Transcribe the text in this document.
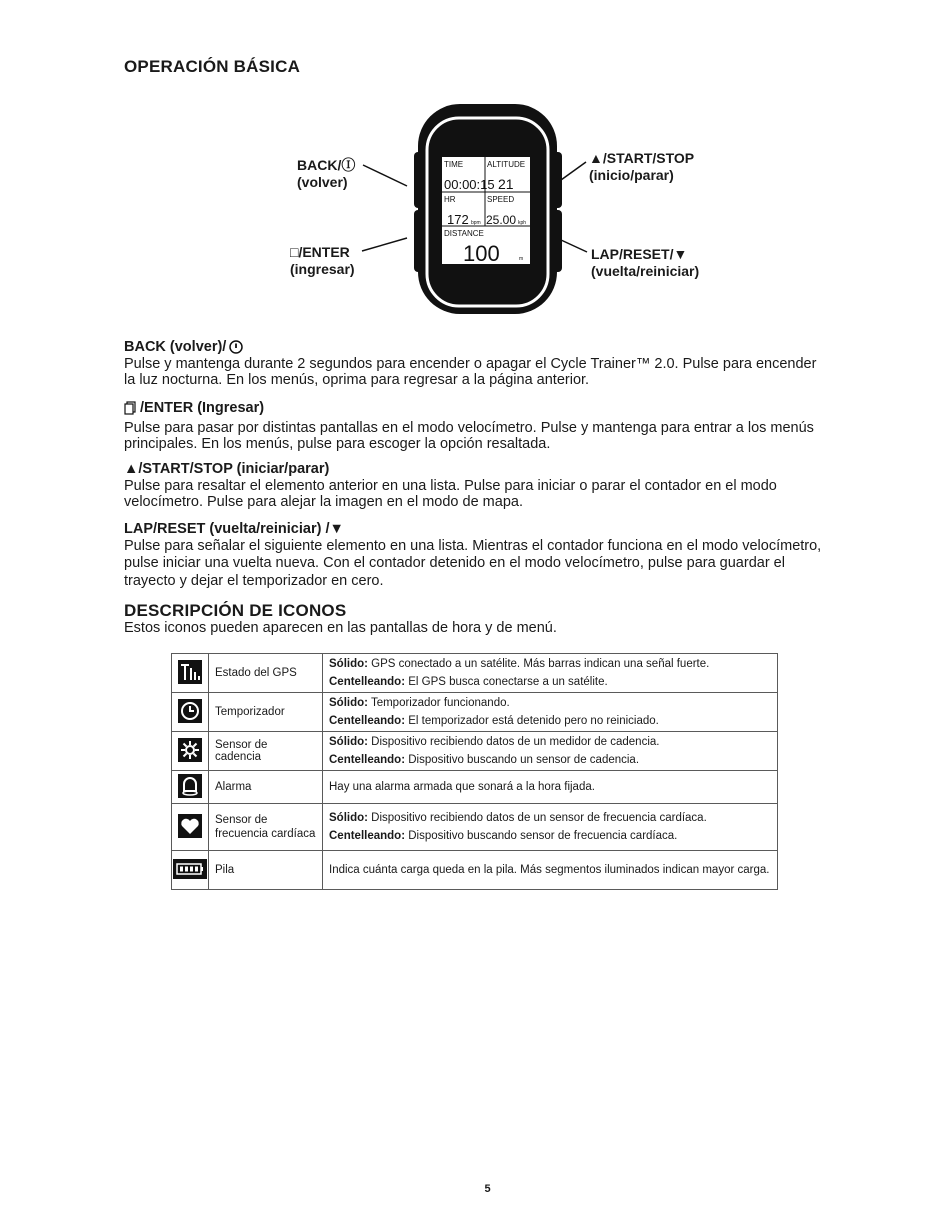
OPERACIÓN BÁSICA
TIME	ALTITUDE
00:00:15 21
HR	SPEED
172 bpm 25.00 kph
DISTANCE
100	m
BACK/Ⓘ
(volver)
□/ENTER
(ingresar)
▲/START/STOP
(inicio/parar)
LAP/RESET/▼
(vuelta/reiniciar)
BACK (volver)/

Pulse y mantenga durante 2 segundos para encender o apagar el Cycle Trainer™ 2.0. Pulse para encender la luz nocturna. En los menús, oprima para regresar a la página anterior.

/ENTER (Ingresar)

Pulse para pasar por distintas pantallas en el modo velocímetro. Pulse y mantenga para entrar a los menús principales. En los menús, pulse para escoger la opción resaltada.

▲/START/STOP (iniciar/parar)

Pulse para resaltar el elemento anterior en una lista. Pulse para iniciar o parar el contador en el modo velocímetro. Pulse para alejar la imagen en el modo de mapa.

LAP/RESET (vuelta/reiniciar) /▼

Pulse para señalar el siguiente elemento en una lista. Mientras el contador funciona en el modo velocímetro, pulse iniciar una vuelta nueva. Con el contador detenido en el modo velocímetro, pulse para guardar el trayecto y dejar el temporizador en cero.

DESCRIPCIÓN DE ICONOS
Estos iconos pueden aparecen en las pantallas de hora y de menú.
	Estado del GPS	Sólido: GPS conectado a un satélite. Más barras indican una señal fuerte.
Centelleando: El GPS busca conectarse a un satélite.

	Temporizador	Sólido: Temporizador funcionando.
Centelleando: El temporizador está detenido pero no reiniciado.

	Sensor de cadencia	Sólido: Dispositivo recibiendo datos de un medidor de cadencia.
Centelleando: Dispositivo buscando un sensor de cadencia.

	Alarma	Hay una alarma armada que sonará a la hora fijada.

	Sensor de frecuencia cardíaca	Sólido: Dispositivo recibiendo datos de un sensor de frecuencia cardíaca.
Centelleando: Dispositivo buscando sensor de frecuencia cardíaca.

	Pila	Indica cuánta carga queda en la pila. Más segmentos iluminados indican mayor carga.
5
